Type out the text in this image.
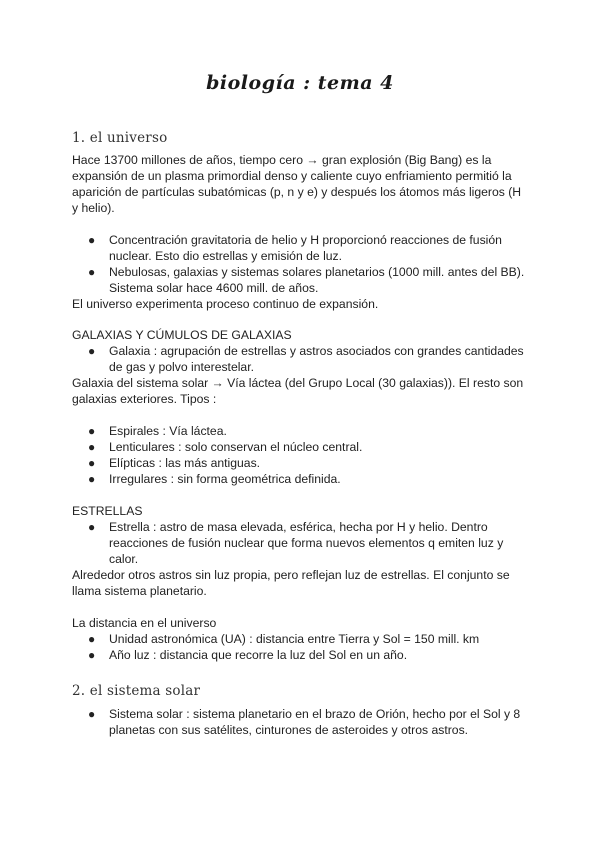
biología : tema 4
1. el universo
Hace 13700 millones de años, tiempo cero → gran explosión (Big Bang) es la
expansión de un plasma primordial denso y caliente cuyo enfriamiento permitió la
aparición de partículas subatómicas (p, n y e) y después los átomos más ligeros (H
y helio).
● Concentración gravitatoria de helio y H proporcionó reacciones de fusión
nuclear. Esto dio estrellas y emisión de luz.
● Nebulosas, galaxias y sistemas solares planetarios (1000 mill. antes del BB).
Sistema solar hace 4600 mill. de años.
El universo experimenta proceso continuo de expansión.
GALAXIAS Y CÚMULOS DE GALAXIAS
● Galaxia : agrupación de estrellas y astros asociados con grandes cantidades
de gas y polvo interestelar.
Galaxia del sistema solar → Vía láctea (del Grupo Local (30 galaxias)). El resto son
galaxias exteriores. Tipos :
● Espirales : Vía láctea.
● Lenticulares : solo conservan el núcleo central.
● Elípticas : las más antiguas.
● Irregulares : sin forma geométrica definida.
ESTRELLAS
● Estrella : astro de masa elevada, esférica, hecha por H y helio. Dentro
reacciones de fusión nuclear que forma nuevos elementos q emiten luz y
calor.
Alrededor otros astros sin luz propia, pero reflejan luz de estrellas. El conjunto se
llama sistema planetario.
La distancia en el universo
● Unidad astronómica (UA) : distancia entre Tierra y Sol = 150 mill. km
● Año luz : distancia que recorre la luz del Sol en un año.
2. el sistema solar
● Sistema solar : sistema planetario en el brazo de Orión, hecho por el Sol y 8
planetas con sus satélites, cinturones de asteroides y otros astros.
